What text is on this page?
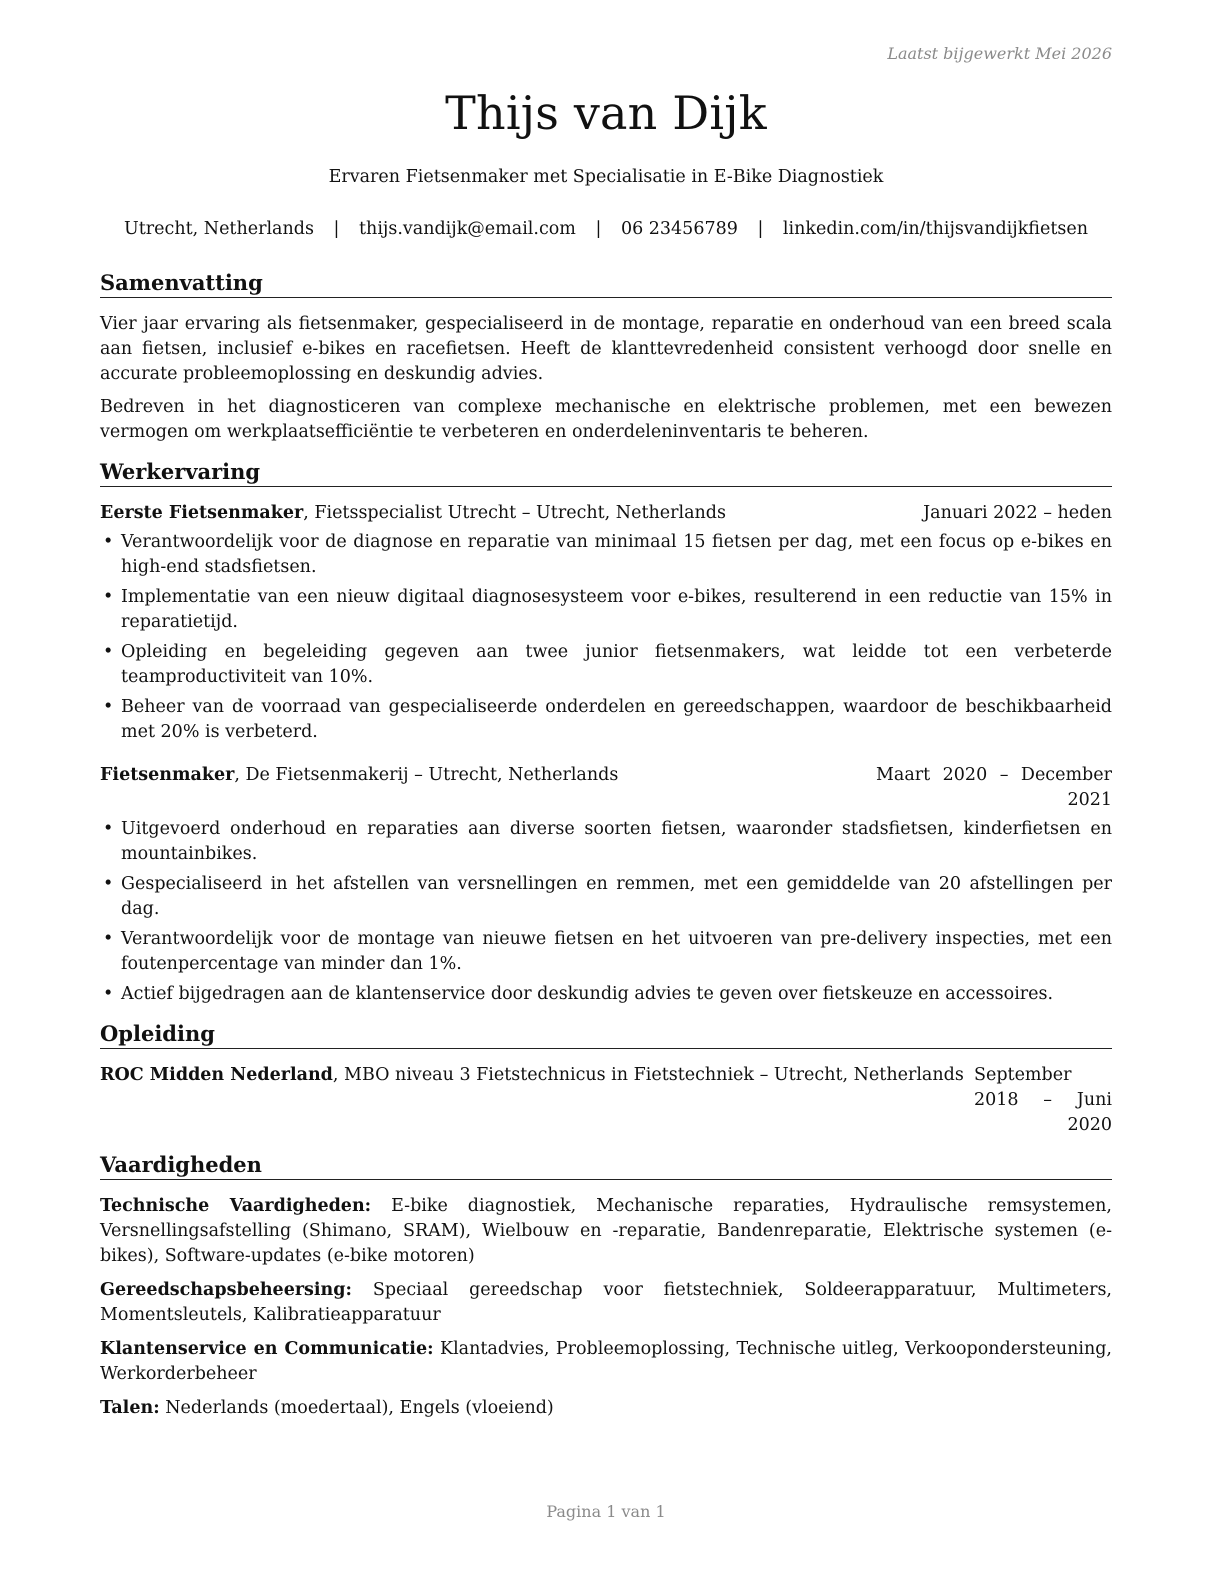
Laatst bijgewerkt Mei 2026
Thijs van Dijk
Ervaren Fietsenmaker met Specialisatie in E-Bike Diagnostiek
Utrecht, Netherlands | thijs.vandijk@email.com | 06 23456789 | linkedin.com/in/thijsvandijkfietsen
Samenvatting

Vier jaar ervaring als fietsenmaker, gespecialiseerd in de montage, reparatie en onderhoud van een breed scala aan fietsen, inclusief e-bikes en racefietsen. Heeft de klanttevredenheid consistent verhoogd door snelle en accurate probleemoplossing en deskundig advies.

Bedreven in het diagnosticeren van complexe mechanische en elektrische problemen, met een bewezen vermogen om werkplaatsefficiëntie te verbeteren en onderdeleninventaris te beheren.

Werkervaring
Eerste Fietsenmaker, Fietsspecialist Utrecht – Utrecht, Netherlands	Januari 2022 – heden
• Verantwoordelijk voor de diagnose en reparatie van minimaal 15 fietsen per dag, met een focus op e-bikes en high-end stadsfietsen.
• Implementatie van een nieuw digitaal diagnosesysteem voor e-bikes, resulterend in een reductie van 15% in reparatietijd.
• Opleiding en begeleiding gegeven aan twee junior fietsenmakers, wat leidde tot een verbeterde teamproductiviteit van 10%.
• Beheer van de voorraad van gespecialiseerde onderdelen en gereedschappen, waardoor de beschikbaarheid met 20% is verbeterd.
Fietsenmaker, De Fietsenmakerij – Utrecht, Netherlands	Maart 2020 – December 2021
• Uitgevoerd onderhoud en reparaties aan diverse soorten fietsen, waaronder stadsfietsen, kinderfietsen en mountainbikes.
• Gespecialiseerd in het afstellen van versnellingen en remmen, met een gemiddelde van 20 afstellingen per dag.
• Verantwoordelijk voor de montage van nieuwe fietsen en het uitvoeren van pre-delivery inspecties, met een foutenpercentage van minder dan 1%.
• Actief bijgedragen aan de klantenservice door deskundig advies te geven over fietskeuze en accessoires.
Opleiding
ROC Midden Nederland, MBO niveau 3 Fietstechnicus in Fietstechniek – Utrecht, Netherlands September 2018 – Juni 2020
Vaardigheden

Technische Vaardigheden: E-bike diagnostiek, Mechanische reparaties, Hydraulische remsystemen, Versnellingsafstelling (Shimano, SRAM), Wielbouw en -reparatie, Bandenreparatie, Elektrische systemen (e-bikes), Software-updates (e-bike motoren)

Gereedschapsbeheersing: Speciaal gereedschap voor fietstechniek, Soldeerapparatuur, Multimeters, Momentsleutels, Kalibratieapparatuur

Klantenservice en Communicatie: Klantadvies, Probleemoplossing, Technische uitleg, Verkoopondersteuning, Werkorderbeheer

Talen: Nederlands (moedertaal), Engels (vloeiend)

Pagina 1 van 1
